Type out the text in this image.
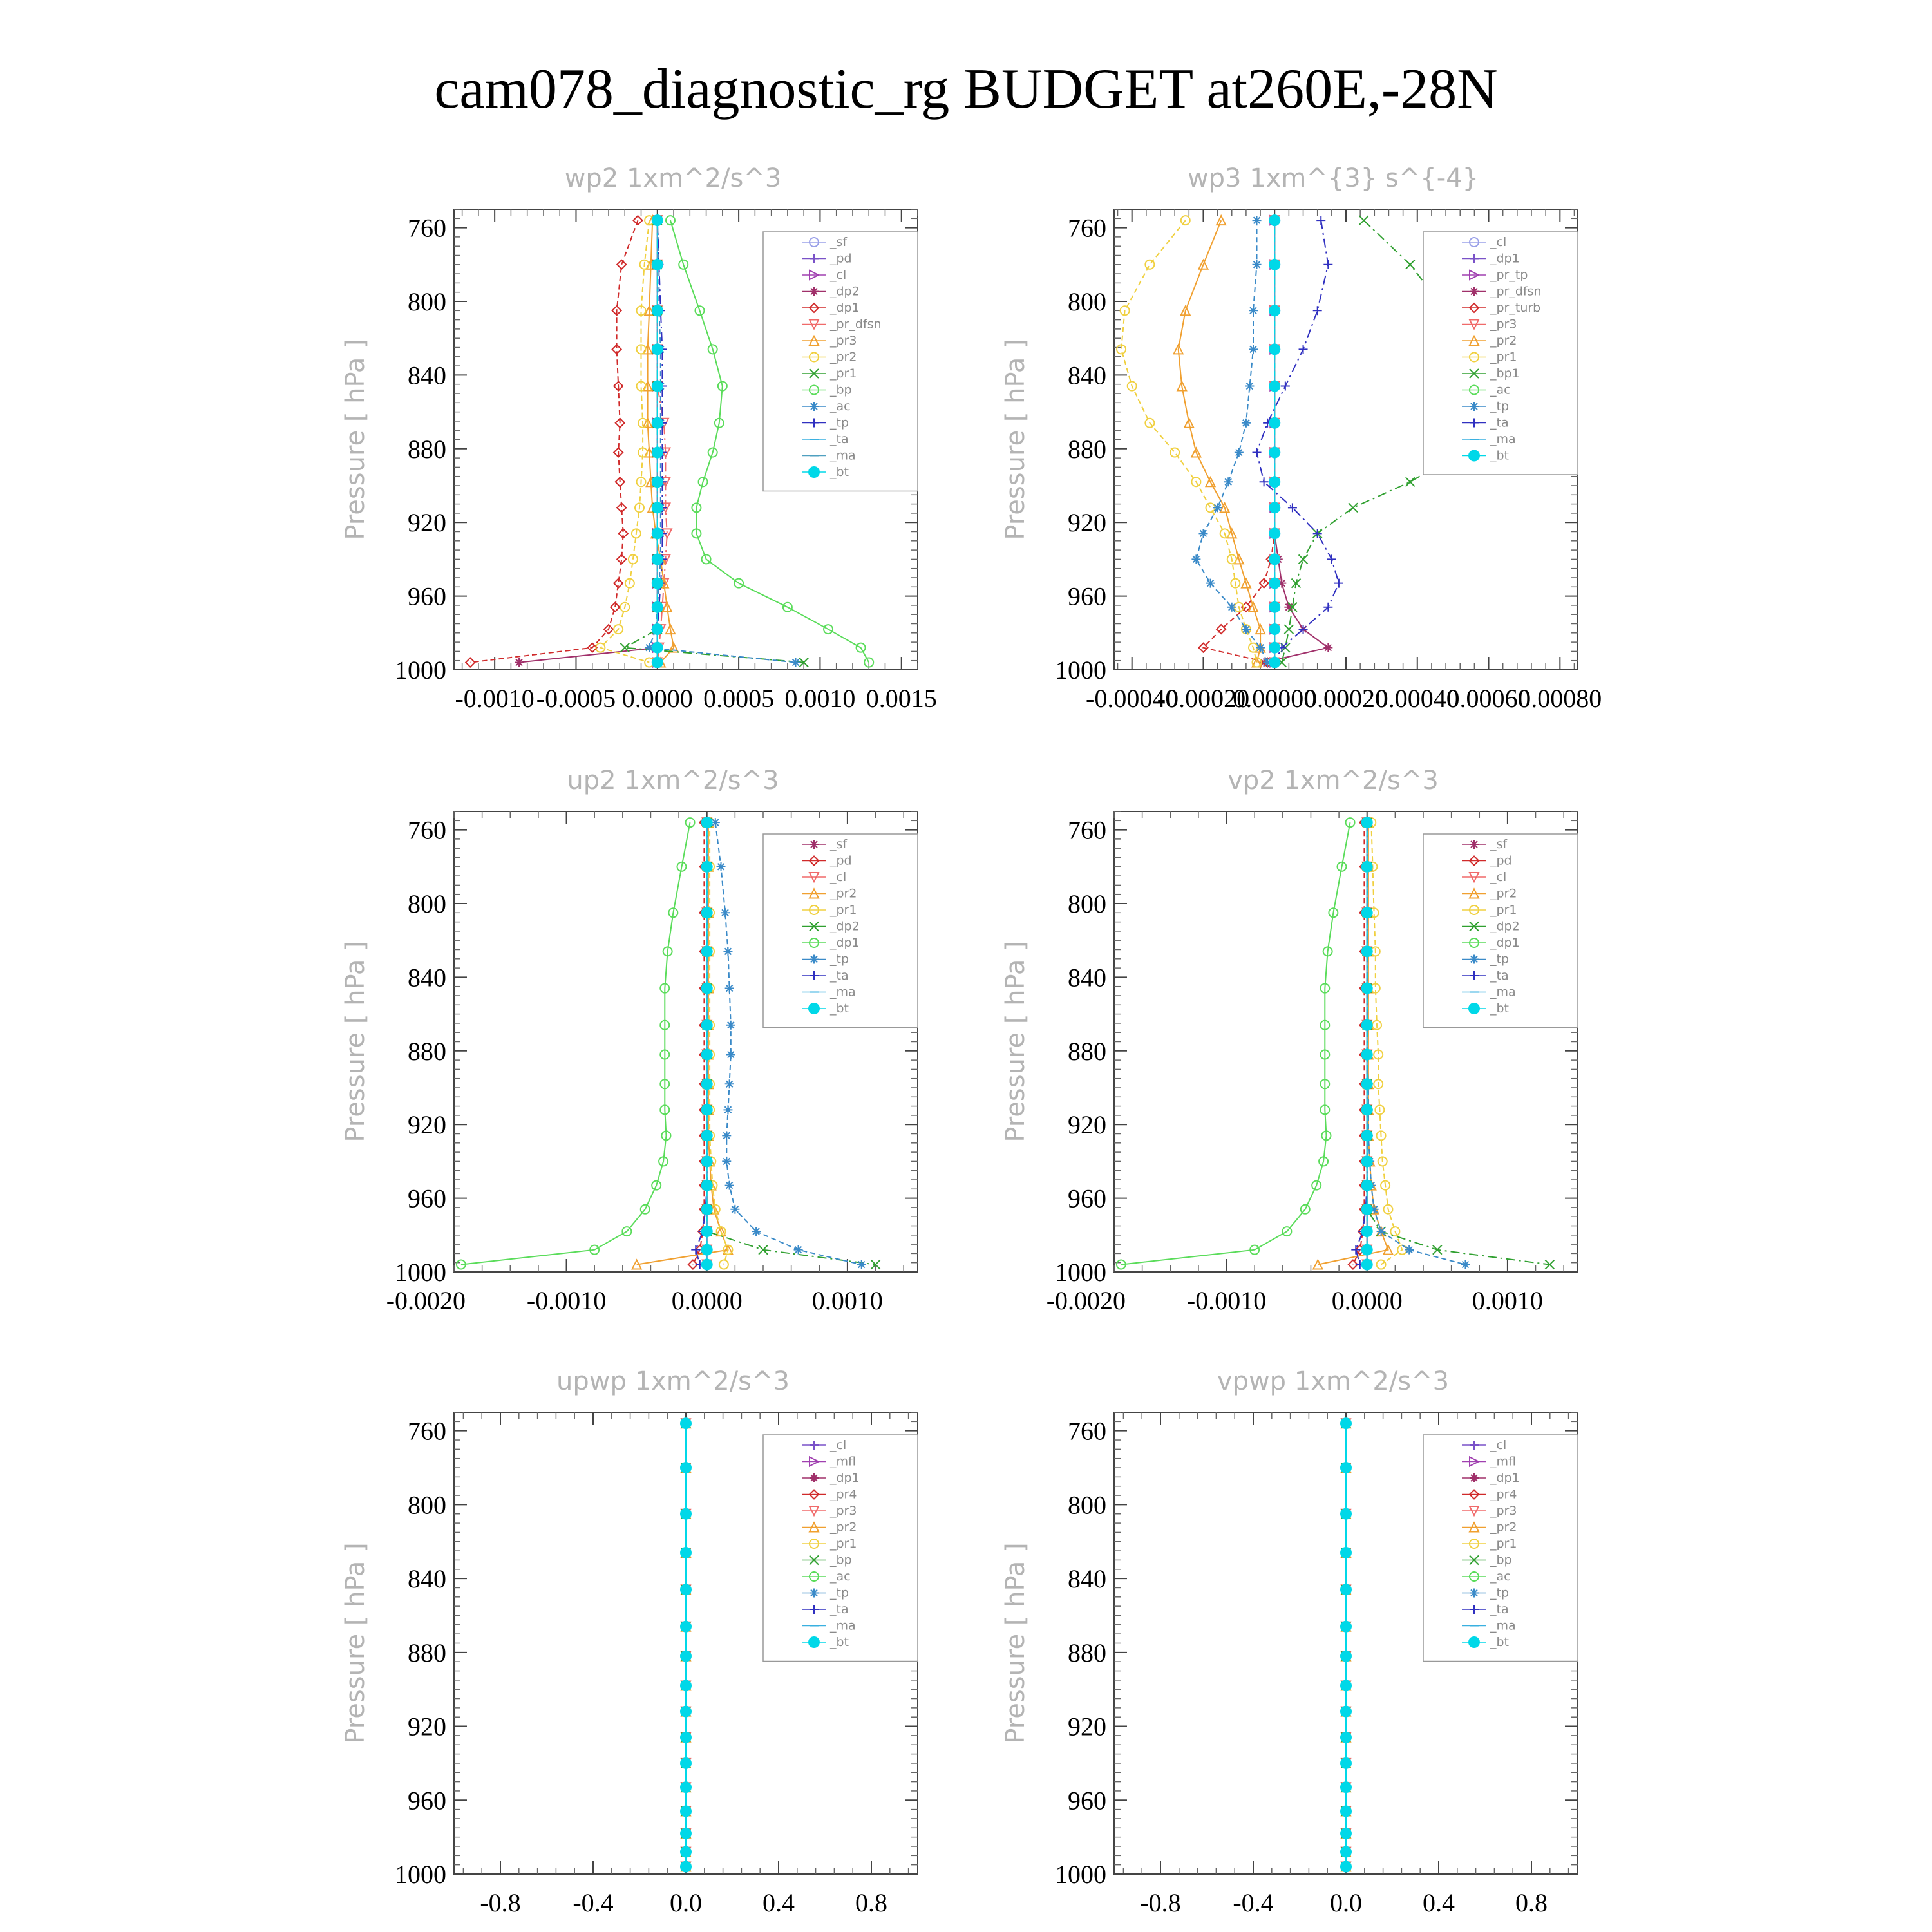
cam078_diagnostic_rg BUDGET at260E,-28N
wp2 1xm^2/s^3
Pressure [ hPa ]
760
800
840
880
920
960
1000
-0.0010 -0.0005 0.0000 0.0005 0.0010 0.0015
_sf
_pd
_cl
_dp2
_dp1
_pr_dfsn
_pr3
_pr2
_pr1
_bp
_ac
_tp
_ta
_ma
_bt
wp3 1xm^{3} s^{-4}
Pressure [ hPa ]
760
800
840
880
920
960
1000
-0.00040
-0.00020
0.00000
0.00020
0.00040
0.00060
0.00080
_cl
_dp1
_pr_tp
_pr_dfsn
_pr_turb
_pr3
_pr2
_pr1
_bp1
_ac
_tp
_ta
_ma
_bt
up2 1xm^2/s^3
Pressure [ hPa ]
760
800
840
880
920
960
1000
-0.0020 -0.0010	0.0000	0.0010
_sf
_pd
_cl
_pr2
_pr1
_dp2
_dp1
_tp
_ta
_ma
_bt
vp2 1xm^2/s^3
Pressure [ hPa ]
760
800
840
880
920
960
1000
-0.0020 -0.0010	0.0000	0.0010
_sf
_pd
_cl
_pr2
_pr1
_dp2
_dp1
_tp
_ta
_ma
_bt
upwp 1xm^2/s^3
Pressure [ hPa ]
760
800
840
880
920
960
1000
-0.8 -0.4 0.0 0.4 0.8
_cl
_mfl
_dp1
_pr4
_pr3
_pr2
_pr1
_bp
_ac
_tp
_ta
_ma
_bt
vpwp 1xm^2/s^3
Pressure [ hPa ]
760
800
840
880
920
960
1000
-0.8 -0.4 0.0 0.4 0.8
_cl
_mfl
_dp1
_pr4
_pr3
_pr2
_pr1
_bp
_ac
_tp
_ta
_ma
_bt
